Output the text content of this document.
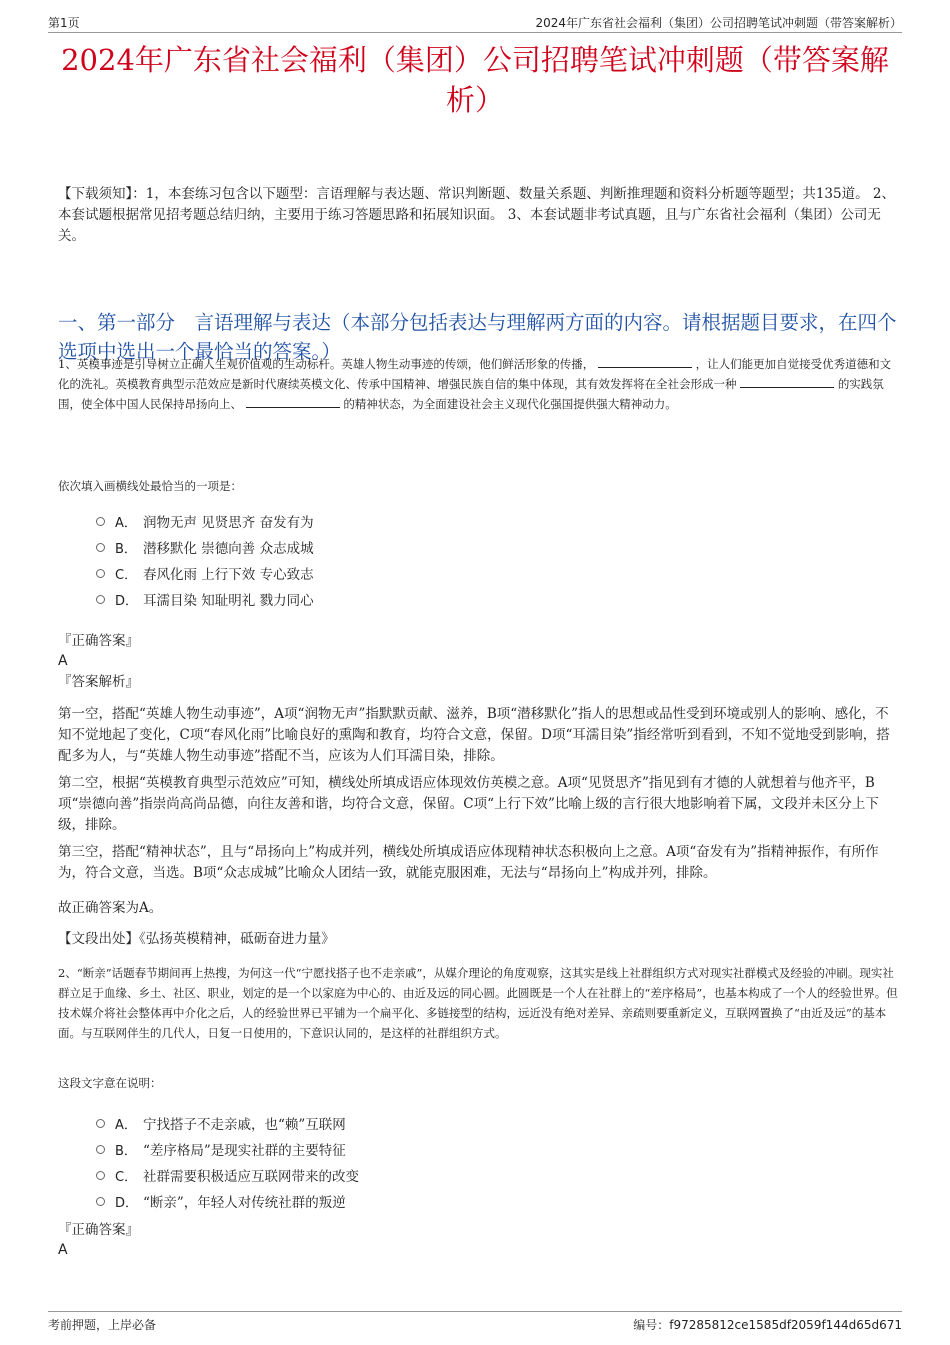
第1页	2024年广东省社会福利（集团）公司招聘笔试冲刺题（带答案解析）
2024年广东省社会福利（集团）公司招聘笔试冲刺题（带答案解析）
【下载须知】：1，本套练习包含以下题型：言语理解与表达题、常识判断题、数量关系题、判断推理题和资料分析题等题型；共135道。 2、本套试题根据常见招考题总结归纳，主要用于练习答题思路和拓展知识面。 3、本套试题非考试真题，且与广东省社会福利（集团）公司无关。
一、第一部分　言语理解与表达（本部分包括表达与理解两方面的内容。请根据题目要求，在四个选项中选出一个最恰当的答案。）
1、英模事迹是引导树立正确人生观价值观的生动标杆。英雄人物生动事迹的传颂，他们鲜活形象的传播，	，让人们能更加自觉接受优秀道德和文化的洗礼。英模教育典型示范效应是新时代赓续英模文化、传承中国精神、增强民族自信的集中体现，其有效发挥将在全社会形成一种	的实践氛围，使全体中国人民保持昂扬向上、	的精神状态，为全面建设社会主义现代化强国提供强大精神动力。
依次填入画横线处最恰当的一项是：
A． 润物无声 见贤思齐 奋发有为
B． 潜移默化 崇德向善 众志成城
C． 春风化雨 上行下效 专心致志
D． 耳濡目染 知耻明礼 戮力同心
『正确答案』
A
『答案解析』
第一空，搭配“英雄人物生动事迹”，A项“润物无声”指默默贡献、滋养，B项“潜移默化”指人的思想或品性受到环境或别人的影响、感化，不知不觉地起了变化，C项“春风化雨”比喻良好的熏陶和教育，均符合文意，保留。D项“耳濡目染”指经常听到看到，不知不觉地受到影响，搭配多为人，与“英雄人物生动事迹”搭配不当，应该为人们耳濡目染，排除。
第二空，根据“英模教育典型示范效应”可知，横线处所填成语应体现效仿英模之意。A项“见贤思齐”指见到有才德的人就想着与他齐平，B项“崇德向善”指崇尚高尚品德，向往友善和谐，均符合文意，保留。C项“上行下效”比喻上级的言行很大地影响着下属，文段并未区分上下级，排除。
第三空，搭配“精神状态”，且与“昂扬向上”构成并列，横线处所填成语应体现精神状态积极向上之意。A项“奋发有为”指精神振作，有所作为，符合文意，当选。B项“众志成城”比喻众人团结一致，就能克服困难，无法与“昂扬向上”构成并列，排除。
故正确答案为A。
【文段出处】《弘扬英模精神，砥砺奋进力量》
2、“断亲”话题春节期间再上热搜，为何这一代“宁愿找搭子也不走亲戚”，从媒介理论的角度观察，这其实是线上社群组织方式对现实社群模式及经验的冲刷。现实社群立足于血缘、乡土、社区、职业，划定的是一个以家庭为中心的、由近及远的同心圆。此圆既是一个人在社群上的“差序格局”，也基本构成了一个人的经验世界。但技术媒介将社会整体再中介化之后，人的经验世界已平铺为一个扁平化、多链接型的结构，远近没有绝对差异、亲疏则要重新定义，互联网置换了“由近及远”的基本面。与互联网伴生的几代人，日复一日使用的，下意识认同的，是这样的社群组织方式。
这段文字意在说明：
A． 宁找搭子不走亲戚，也“赖”互联网
B． “差序格局”是现实社群的主要特征
C． 社群需要积极适应互联网带来的改变
D． “断亲”，年轻人对传统社群的叛逆
『正确答案』
A
考前押题，上岸必备	编号：f97285812ce1585df2059f144d65d671
